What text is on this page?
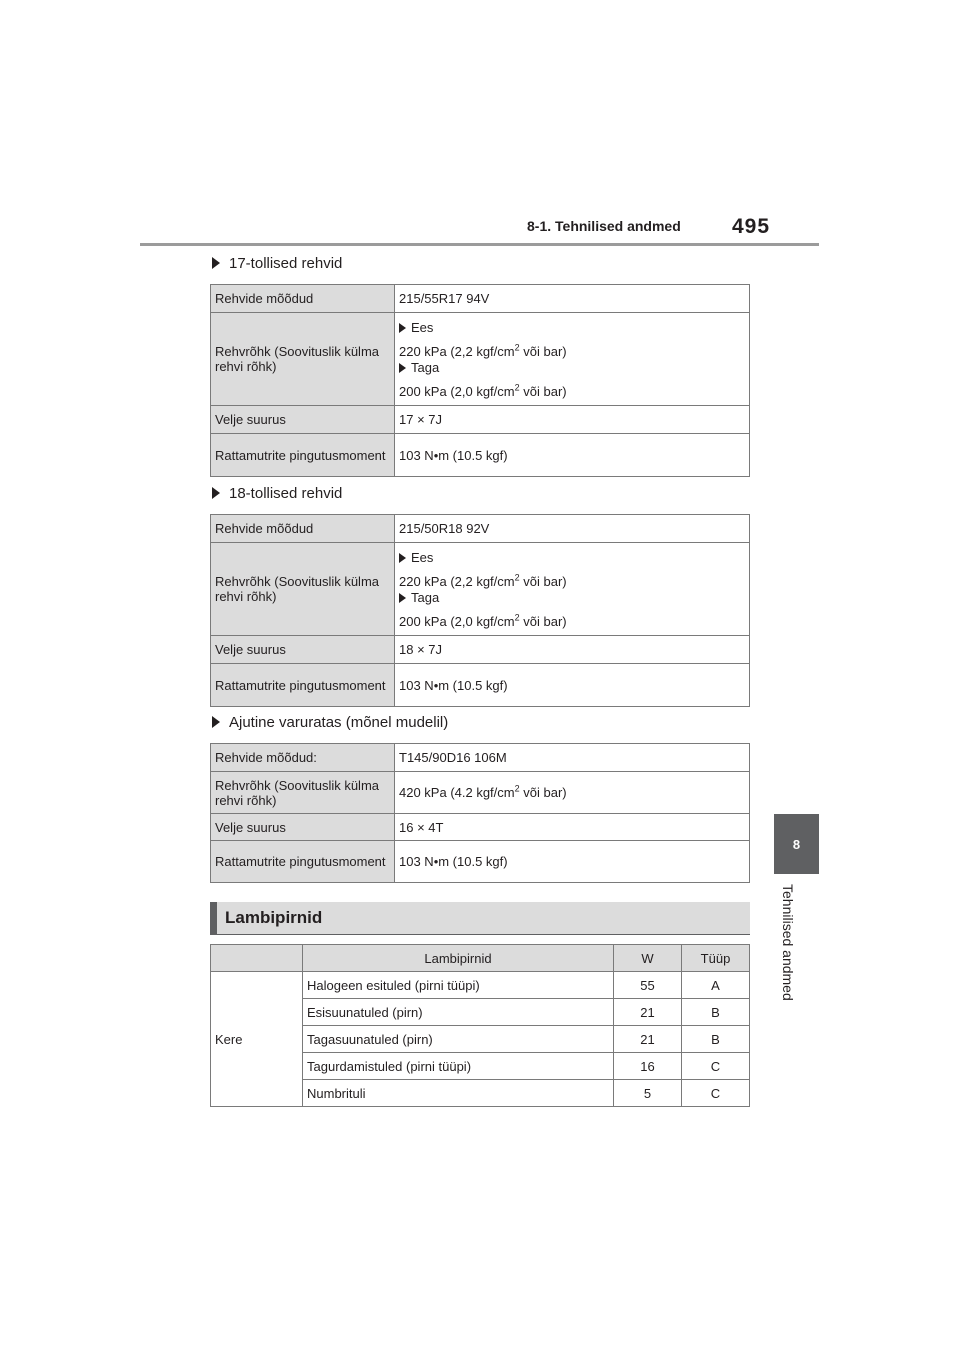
8-1. Tehnilised andmed 495
8
Tehnilised andmed
17-tollised rehvid
Rehvide mõõdud	215/55R17 94V
Rehvrõhk (Soovituslik külma rehvi rõhk)	Ees

220 kPa (2,2 kgf/$cm^2$ või bar)

Taga

200 kPa (2,0 kgf/$cm^2$ või bar)

Velje suurus	17 × 7J
Rattamutrite pingutusmoment	103 N•m (10.5 kgf)
18-tollised rehvid
Rehvide mõõdud	215/50R18 92V
Rehvrõhk (Soovituslik külma rehvi rõhk)	Ees

220 kPa (2,2 kgf/$cm^2$ või bar)

Taga

200 kPa (2,0 kgf/$cm^2$ või bar)

Velje suurus	18 × 7J
Rattamutrite pingutusmoment	103 N•m (10.5 kgf)
Ajutine varuratas (mõnel mudelil)
Rehvide mõõdud:	T145/90D16 106M
Rehvrõhk (Soovituslik külma rehvi rõhk)	420 kPa (4.2 kgf/$cm^2$ või bar)
Velje suurus	16 × 4T
Rattamutrite pingutusmoment	103 N•m (10.5 kgf)
Lambipirnid
	Lambipirnid	W	Tüüp
Kere	Halogeen esituled (pirni tüüpi)	55	A
	Esisuunatuled (pirn)	21	B
	Tagasuunatuled (pirn)	21	B
	Tagurdamistuled (pirni tüüpi)	16	C
	Numbrituli	5	C
